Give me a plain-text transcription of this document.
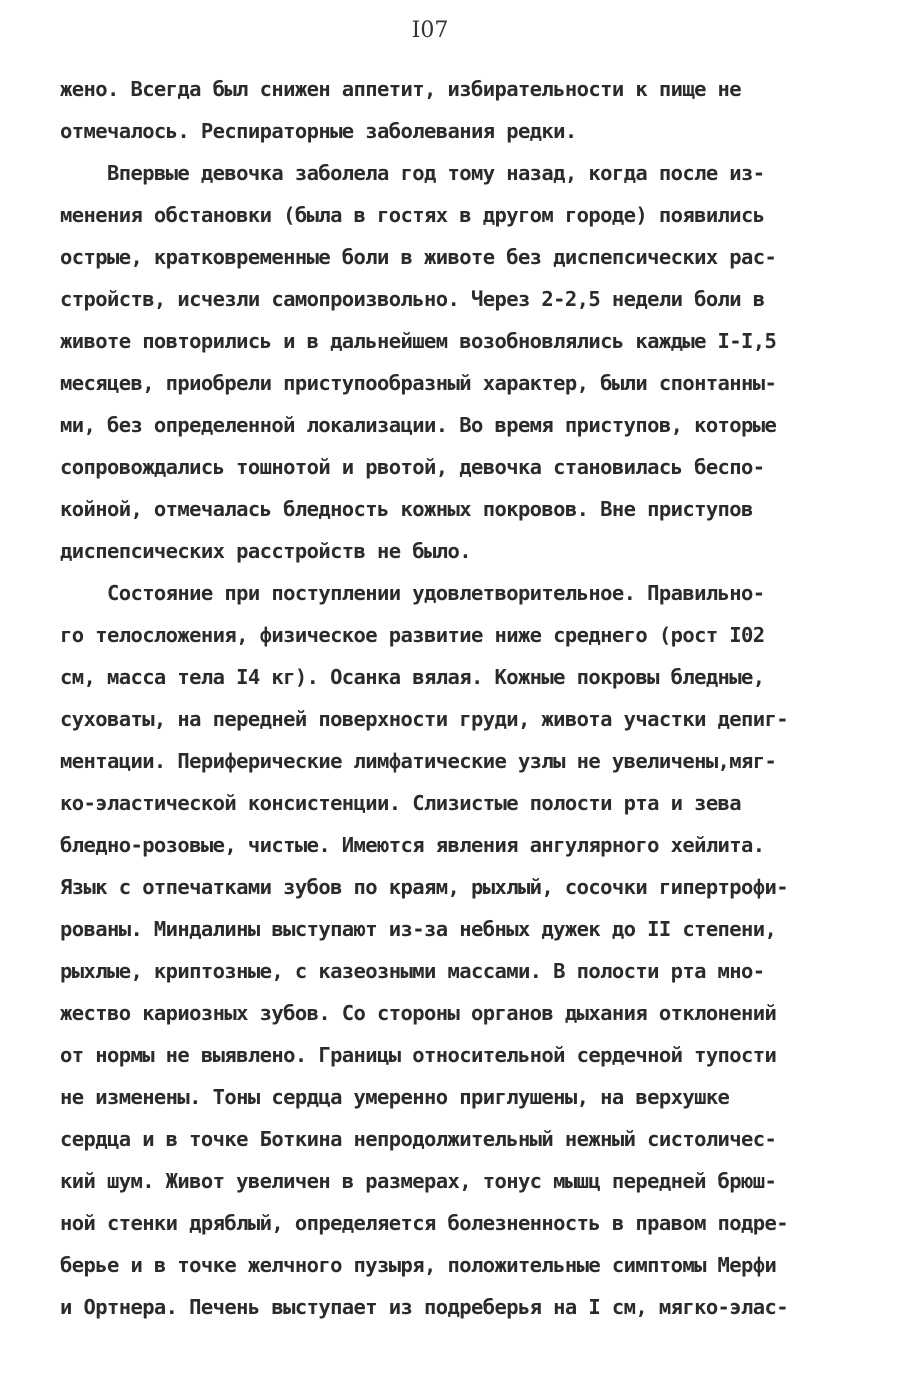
I07
жено. Всегда был снижен аппетит, избирательности к пище не
отмечалось. Респираторные заболевания редки.
Впервые девочка заболела год тому назад, когда после из-
менения обстановки (была в гостях в другом городе) появились
острые, кратковременные боли в животе без диспепсических рас-
стройств, исчезли самопроизвольно. Через 2-2,5 недели боли в
животе повторились и в дальнейшем возобновлялись каждые I-I,5
месяцев, приобрели приступообразный характер, были спонтанны-
ми, без определенной локализации. Во время приступов, которые
сопровождались тошнотой и рвотой, девочка становилась беспо-
койной, отмечалась бледность кожных покровов. Вне приступов
диспепсических расстройств не было.
Состояние при поступлении удовлетворительное. Правильно-
го телосложения, физическое развитие ниже среднего (рост I02
см, масса тела I4 кг). Осанка вялая. Кожные покровы бледные,
суховаты, на передней поверхности груди, живота участки депиг-
ментации. Периферические лимфатические узлы не увеличены,мяг-
ко-эластической консистенции. Слизистые полости рта и зева
бледно-розовые, чистые. Имеются явления ангулярного хейлита.
Язык с отпечатками зубов по краям, рыхлый, сосочки гипертрофи-
рованы. Миндалины выступают из-за небных дужек до II степени,
рыхлые, криптозные, с казеозными массами. В полости рта мно-
жество кариозных зубов. Со стороны органов дыхания отклонений
от нормы не выявлено. Границы относительной сердечной тупости
не изменены. Тоны сердца умеренно приглушены, на верхушке
сердца и в точке Боткина непродолжительный нежный систоличес-
кий шум. Живот увеличен в размерах, тонус мышц передней брюш-
ной стенки дряблый, определяется болезненность в правом подре-
берье и в точке желчного пузыря, положительные симптомы Мерфи
и Ортнера. Печень выступает из подреберья на I см, мягко-элас-
